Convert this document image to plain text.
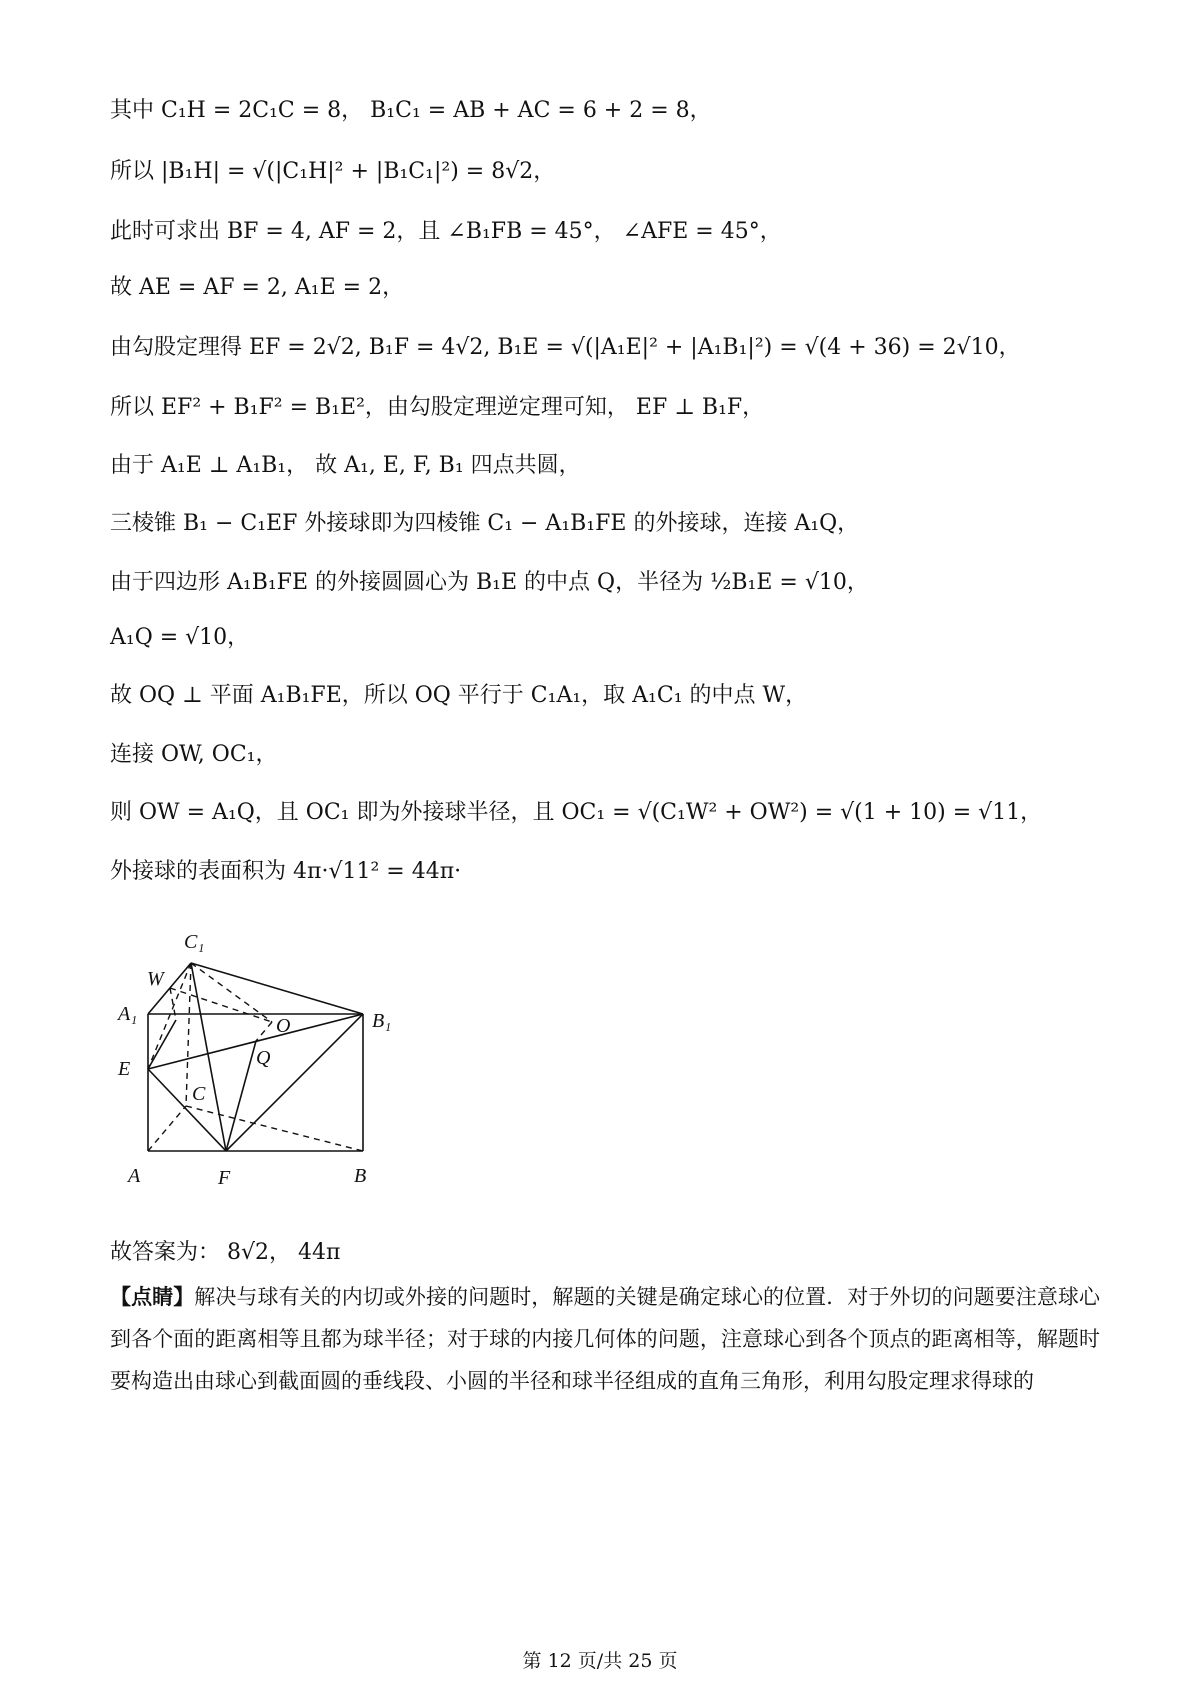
其中 C₁H = 2C₁C = 8， B₁C₁ = AB + AC = 6 + 2 = 8，
所以 |B₁H| = √(|C₁H|² + |B₁C₁|²) = 8√2，
此时可求出 BF = 4, AF = 2，且 ∠B₁FB = 45°， ∠AFE = 45°，
故 AE = AF = 2, A₁E = 2，
由勾股定理得 EF = 2√2, B₁F = 4√2, B₁E = √(|A₁E|² + |A₁B₁|²) = √(4 + 36) = 2√10，
所以 EF² + B₁F² = B₁E²，由勾股定理逆定理可知， EF ⊥ B₁F，
由于 A₁E ⊥ A₁B₁， 故 A₁, E, F, B₁ 四点共圆，
三棱锥 B₁ − C₁EF 外接球即为四棱锥 C₁ − A₁B₁FE 的外接球，连接 A₁Q，
由于四边形 A₁B₁FE 的外接圆圆心为 B₁E 的中点 Q，半径为 ½B₁E = √10，
A₁Q = √10，
故 OQ ⊥ 平面 A₁B₁FE，所以 OQ 平行于 C₁A₁，取 A₁C₁ 的中点 W，
连接 OW, OC₁，
则 OW = A₁Q，且 OC₁ 即为外接球半径，且 OC₁ = √(C₁W² + OW²) = √(1 + 10) = √11，
外接球的表面积为 4π·√11² = 44π·
C₁
W
A₁
O	B₁
Q
E
C
A	F	B
故答案为： 8√2， 44π
【点睛】解决与球有关的内切或外接的问题时，解题的关键是确定球心的位置．对于外切的问题要注意球心到各个面的距离相等且都为球半径；对于球的内接几何体的问题，注意球心到各个顶点的距离相等，解题时要构造出由球心到截面圆的垂线段、小圆的半径和球半径组成的直角三角形，利用勾股定理求得球的
第 12 页/共 25 页
